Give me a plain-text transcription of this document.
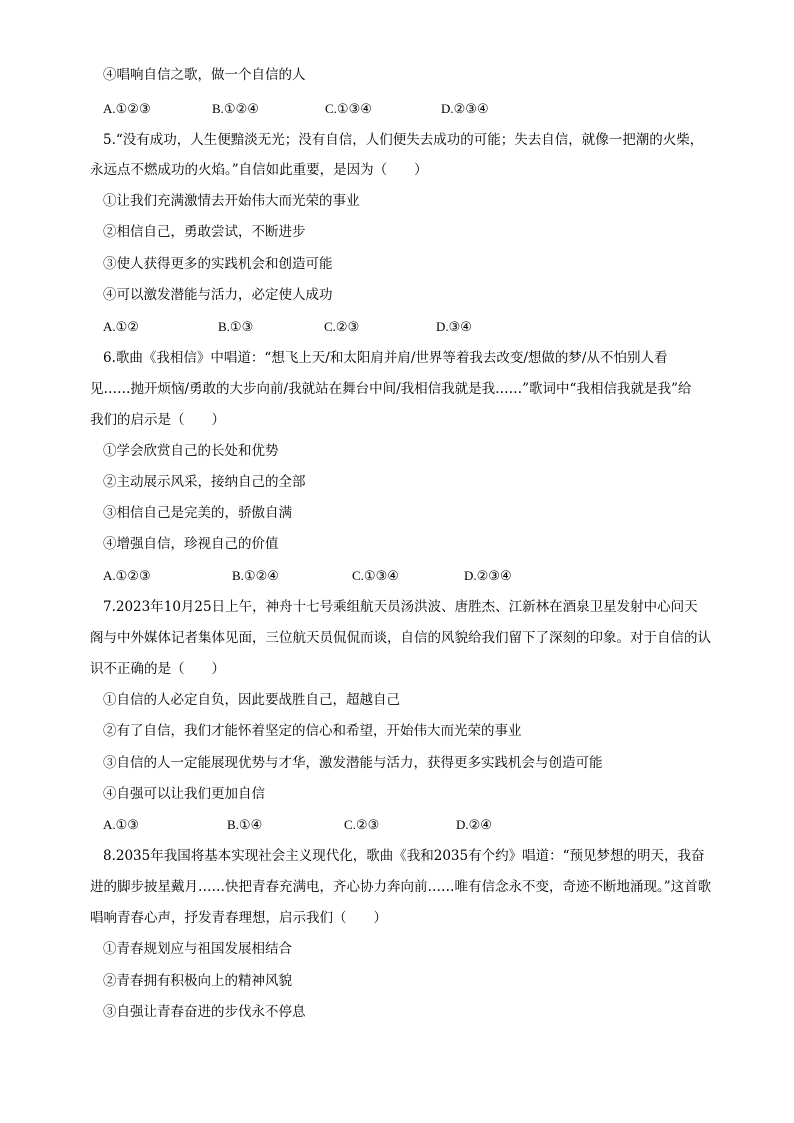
④唱响自信之歌，做一个自信的人
A.①②③	B.①②④	C.①③④	D.②③④
5.“没有成功，人生便黯淡无光；没有自信，人们便失去成功的可能；失去自信，就像一把潮的火柴，
永远点不燃成功的火焰。”自信如此重要，是因为（　　）
①让我们充满激情去开始伟大而光荣的事业
②相信自己，勇敢尝试，不断进步
③使人获得更多的实践机会和创造可能
④可以激发潜能与活力，必定使人成功
A.①②	B.①③	C.②③	D.③④
6.歌曲《我相信》中唱道：“想飞上天/和太阳肩并肩/世界等着我去改变/想做的梦/从不怕别人看
见……抛开烦恼/勇敢的大步向前/我就站在舞台中间/我相信我就是我……”歌词中“我相信我就是我”给
我们的启示是（　　）
①学会欣赏自己的长处和优势
②主动展示风采，接纳自己的全部
③相信自己是完美的，骄傲自满
④增强自信，珍视自己的价值
A.①②③	B.①②④	C.①③④	D.②③④
7.2023年10月25日上午，神舟十七号乘组航天员汤洪波、唐胜杰、江新林在酒泉卫星发射中心问天
阁与中外媒体记者集体见面，三位航天员侃侃而谈，自信的风貌给我们留下了深刻的印象。对于自信的认
识不正确的是（　　）
①自信的人必定自负，因此要战胜自己，超越自己
②有了自信，我们才能怀着坚定的信心和希望，开始伟大而光荣的事业
③自信的人一定能展现优势与才华，激发潜能与活力，获得更多实践机会与创造可能
④自强可以让我们更加自信
A.①③	B.①④	C.②③	D.②④
8.2035年我国将基本实现社会主义现代化，歌曲《我和2035有个约》唱道：“预见梦想的明天，我奋
进的脚步披星戴月……快把青春充满电，齐心协力奔向前……唯有信念永不变，奇迹不断地涌现。”这首歌
唱响青春心声，抒发青春理想，启示我们（　　）
①青春规划应与祖国发展相结合
②青春拥有积极向上的精神风貌
③自强让青春奋进的步伐永不停息
